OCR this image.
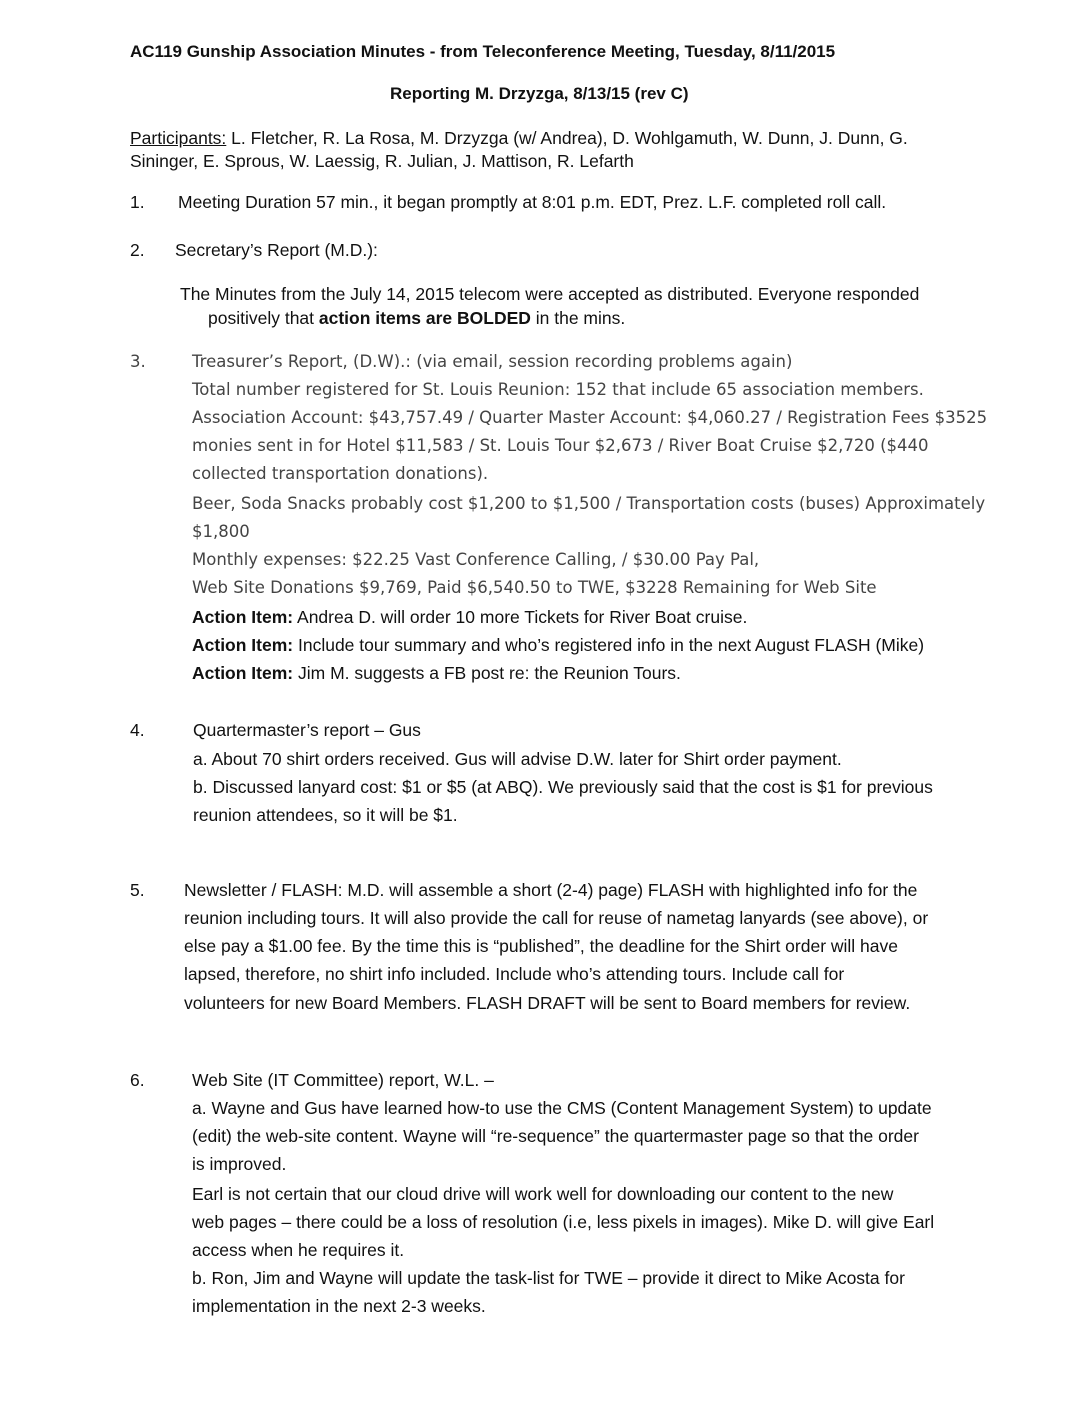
AC119 Gunship Association Minutes - from Teleconference Meeting, Tuesday, 8/11/2015
Reporting M. Drzyzga, 8/13/15 (rev C)
Participants: L. Fletcher, R. La Rosa, M. Drzyzga (w/ Andrea), D. Wohlgamuth, W. Dunn, J. Dunn, G.
Sininger, E. Sprous, W. Laessig, R. Julian, J. Mattison, R. Lefarth
1. Meeting Duration 57 min., it began promptly at 8:01 p.m. EDT, Prez. L.F. completed roll call.
2. Secretary’s Report (M.D.):
The Minutes from the July 14, 2015 telecom were accepted as distributed. Everyone responded
positively that action items are BOLDED in the mins.
3.	Treasurer’s Report, (D.W).: (via email, session recording problems again)
Total number registered for St. Louis Reunion: 152 that include 65 association members.
Association Account: $43,757.49 / Quarter Master Account: $4,060.27 / Registration Fees $3525
monies sent in for Hotel $11,583 / St. Louis Tour $2,673 / River Boat Cruise $2,720 ($440
collected transportation donations).
Beer, Soda Snacks probably cost $1,200 to $1,500 / Transportation costs (buses) Approximately
$1,800
Monthly expenses: $22.25 Vast Conference Calling, / $30.00 Pay Pal,
Web Site Donations $9,769, Paid $6,540.50 to TWE, $3228 Remaining for Web Site
Action Item: Andrea D. will order 10 more Tickets for River Boat cruise.
Action Item: Include tour summary and who’s registered info in the next August FLASH (Mike)
Action Item: Jim M. suggests a FB post re: the Reunion Tours.
4.	Quartermaster’s report – Gus
a. About 70 shirt orders received. Gus will advise D.W. later for Shirt order payment.
b. Discussed lanyard cost: $1 or $5 (at ABQ). We previously said that the cost is $1 for previous
reunion attendees, so it will be $1.
5. Newsletter / FLASH: M.D. will assemble a short (2-4) page) FLASH with highlighted info for the
reunion including tours. It will also provide the call for reuse of nametag lanyards (see above), or
else pay a $1.00 fee. By the time this is “published”, the deadline for the Shirt order will have
lapsed, therefore, no shirt info included. Include who’s attending tours. Include call for
volunteers for new Board Members. FLASH DRAFT will be sent to Board members for review.
6.	Web Site (IT Committee) report, W.L. –
a. Wayne and Gus have learned how-to use the CMS (Content Management System) to update
(edit) the web-site content. Wayne will “re-sequence” the quartermaster page so that the order
is improved.
Earl is not certain that our cloud drive will work well for downloading our content to the new
web pages – there could be a loss of resolution (i.e, less pixels in images). Mike D. will give Earl
access when he requires it.
b. Ron, Jim and Wayne will update the task-list for TWE – provide it direct to Mike Acosta for
implementation in the next 2-3 weeks.
